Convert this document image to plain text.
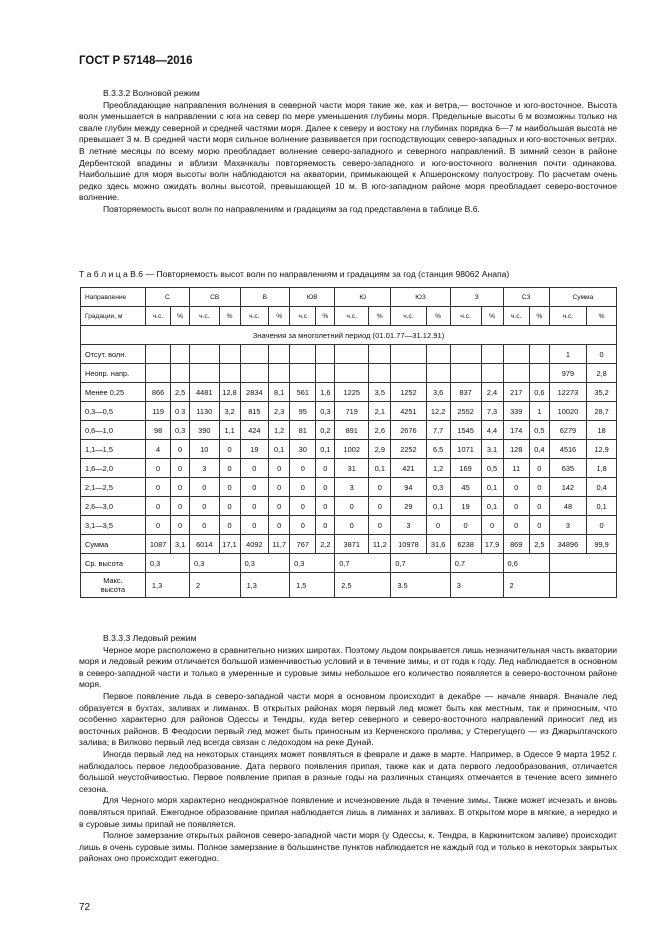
ГОСТ Р 57148—2016

В.3.3.2 Волновой режим

Преобладающие направления волнения в северной части моря такие же, как и ветра,— восточное и юго-восточное. Высота волн уменьшается в направлении с юга на север по мере уменьшения глубины моря. Предельные высоты 6 м возможны только на свале глубин между северной и средней частями моря. Далее к северу и востоку на глубинах порядка 6—7 м наибольшая высота не превышает 3 м. В средней части моря сильное волнение развивается при господствующих северо-западных и юго-восточных ветрах. В летние месяцы по всему морю преобладает волнение северо-западного и северного направлений. В зимний сезон в районе Дербентской впадины и вблизи Махачкалы повторяемость северо-западного и юго-восточного волнения почти одинакова. Наибольшие для моря высоты волн наблюдаются на акватории, примыкающей к Апшеронскому полуострову. По расчетам очень редко здесь можно ожидать волны высотой, превышающей 10 м. В юго-западном районе моря преобладает северо-восточное волнение.

Повторяемость высот волн по направлениям и градациям за год представлена в таблице В.6.

Т а б л и ц а В.6 — Повторяемость высот волн по направлениям и градациям за год (станция 98062 Анапа)
Направление	С		СВ		В		ЮВ		Ю		ЮЗ		З		СЗ		Сумма	
Градации, м	ч.с.	%	ч.с.	%	ч.с.	%	ч.с	%	ч.с.	%	ч.с.	%	ч.с.	%	ч.с.	%	ч.с.	%
Значения за многолетний период (01.01.77—31.12.91)																		
Отсут. волн.																	1	0
Неопр. напр.																	979	2,8
Менее 0,25	866	2,5	4481	12,8	2834	8,1	561	1,6	1225	3,5	1252	3,6	837	2,4	217	0,6	12273	35,2
0,3—0,5	119	0 3	1130	3,2	815	2,3	95	0,3	719	2,1	4251	12,2	2552	7,3	339	1	10020	28,7
0,6—1,0	98	0,3	390	1,1	424	1,2	81	0,2	891	2,6	2676	7,7	1545	4,4	174	0,5	6279	18
1,1—1,5	4	0	10	0	19	0,1	30	0,1	1002	2,9	2252	6,5	1071	3.1	128	0,4	4516	12,9
1,6—2,0	0	0	3	0	0	0	0	0	31	0,1	421	1,2	169	0,5	11	0	635	1,8
2,1—2,5	0	0	0	0	0	0	0	0	3	0	94	0,3	45	0,1	0	0	142	0,4
2,6—3,0	0	0	0	0	0	0	0	0	0	0	29	0,1	19	0,1	0	0	48	0,1
3,1—3,5	0	0	0	0	0	0	0	0	0	0	3	0	0	0	0	0	3	0
Сумма	1087	3,1	6014	17,1	4092	11,7	767	2,2	3871	11,2	10978	31,6	6238	17,9	869	2,5	34896	99,9
Ср. высота	0,3		0,3		0,3		0,3		0,7		0,7		0,7		0,6			

Макс.
высота	1,3		2		1,3		1,5		2,5		3.5		3		2			

В.3.3.3 Ледовый режим

Черное море расположено в сравнительно низких широтах. Поэтому льдом покрывается лишь незначительная часть акватории моря и ледовый режим отличается большой изменчивостью условий и в течение зимы, и от года к году. Лед наблюдается в основном в северо-западной части и только в умеренные и суровые зимы небольшое его количество появляется в северо-восточном районе моря.

Первое появление льда в северо-западной части моря в основном происходит в декабре — начале января. Вначале лед образуется в бухтах, заливах и лиманах. В открытых районах моря первый лед может быть как местным, так и приносным, что особенно характерно для районов Одессы и Тендры, куда ветер северного и северо-восточного направлений приносит лед из восточных районов. В Феодосии первый лед может быть приносным из Керченского пролива; у Стерегущего — из Джарылгачского залива; в Вилково первый лед всегда связан с ледоходом на реке Дунай.

Иногда первый лед на некоторых станциях может появляться в феврале и даже в марте. Например, в Одессе 9 марта 1952 г. наблюдалось первое ледообразование. Дата первого появления припая, также как и дата первого ледообразования, отличается большой неустойчивостью. Первое появление припая в разные годы на различных станциях отмечается в течение всего зимнего сезона.

Для Черного моря характерно неоднократное появление и исчезновение льда в течение зимы. Также может исчезать и вновь появляться припай. Ежегодное образование припая наблюдается лишь в лиманах и заливах. В открытом море в мягкие, а нередко и в суровые зимы припай не появляется.

Полное замерзание открытых районов северо-западной части моря (у Одессы, к. Тендра, в Каркинитском заливе) происходит лишь в очень суровые зимы. Полное замерзание в большинстве пунктов наблюдается не каждый год и только в некоторых закрытых районах оно происходит ежегодно.

72
